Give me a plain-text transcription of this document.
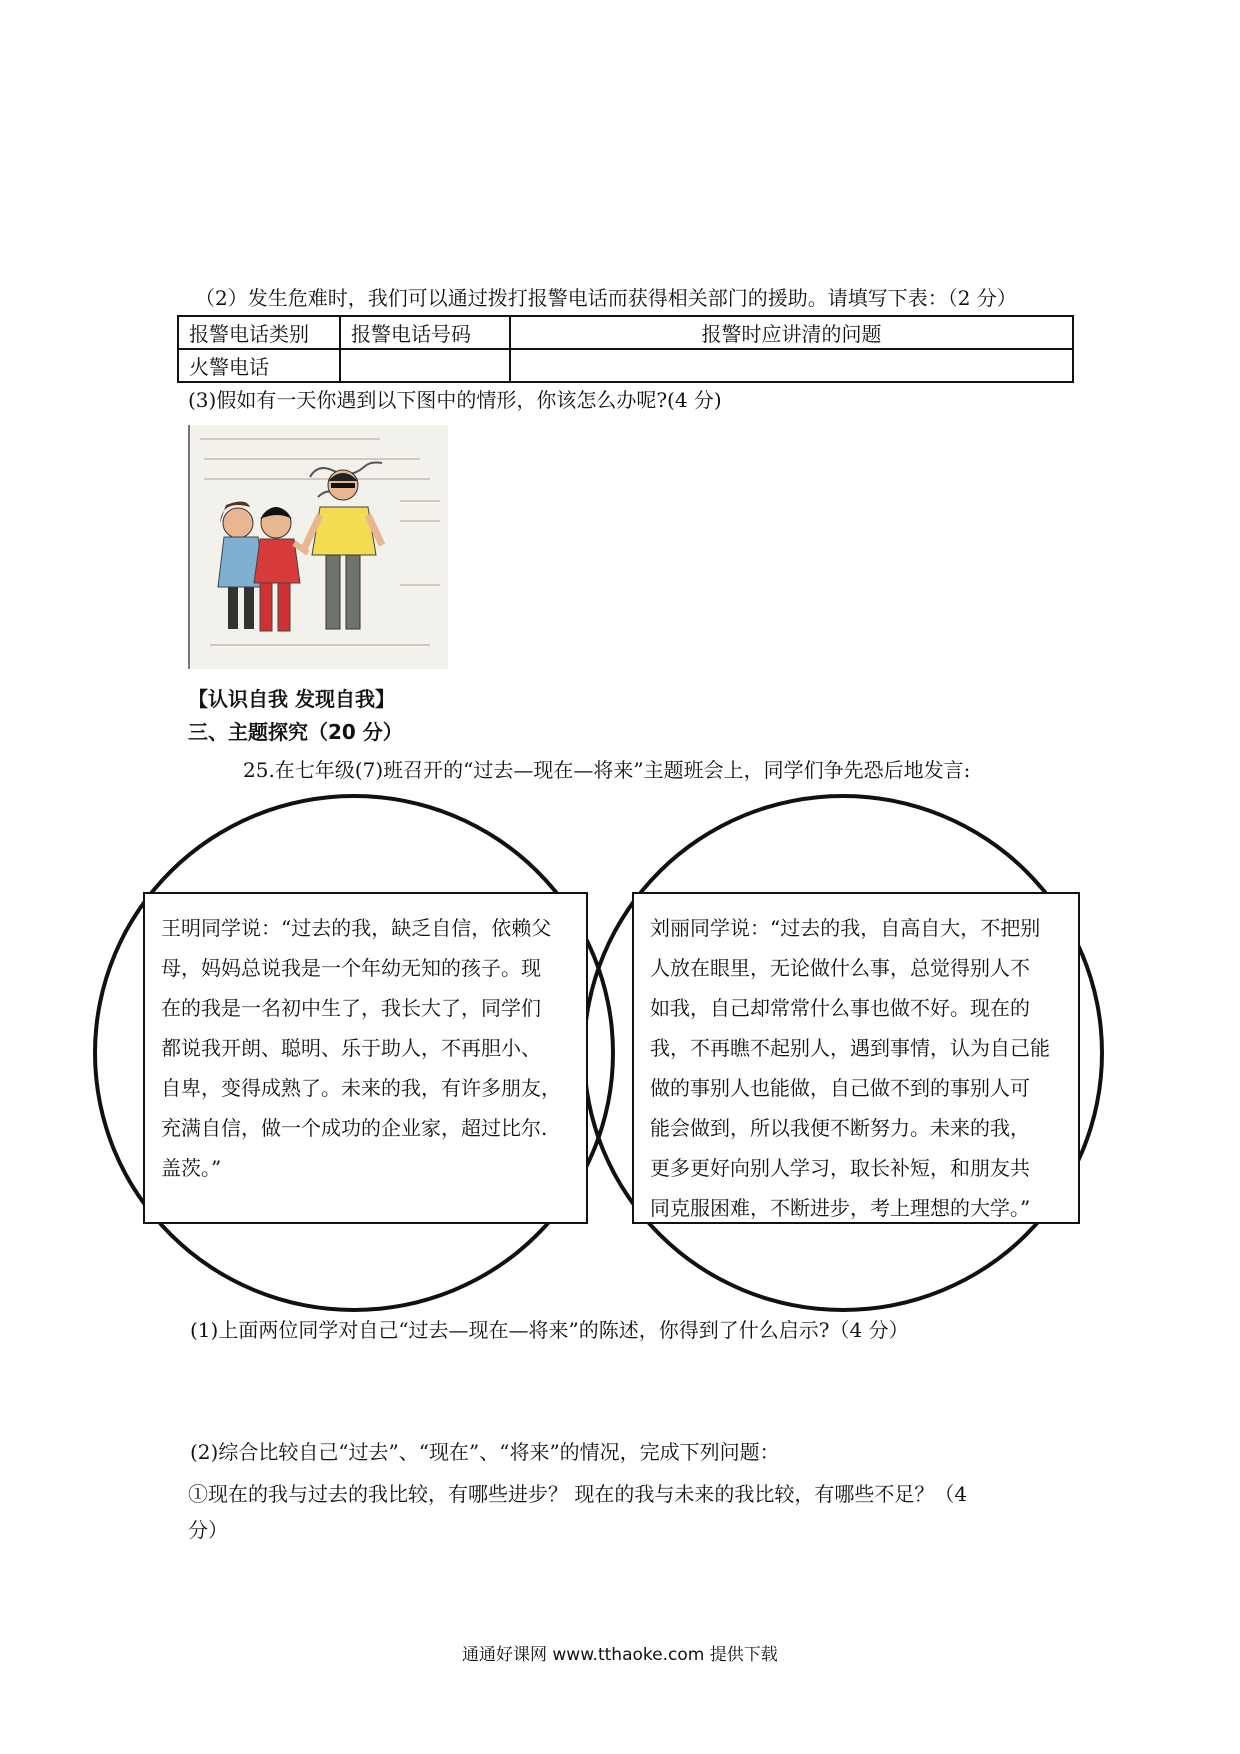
（2）发生危难时，我们可以通过拨打报警电话而获得相关部门的援助。请填写下表：（2 分）
报警电话类别	报警电话号码	报警时应讲清的问题
火警电话		
(3)假如有一天你遇到以下图中的情形，你该怎么办呢?(4 分)
【认识自我 发现自我】
三、主题探究（20 分）
25.在七年级(7)班召开的“过去—现在—将来”主题班会上，同学们争先恐后地发言:
王明同学说：“过去的我，缺乏自信，依赖父
母，妈妈总说我是一个年幼无知的孩子。现
在的我是一名初中生了，我长大了，同学们
都说我开朗、聪明、乐于助人，不再胆小、
自卑，变得成熟了。未来的我，有许多朋友，
充满自信，做一个成功的企业家，超过比尔.
盖茨。”
刘丽同学说：“过去的我，自高自大，不把别
人放在眼里，无论做什么事，总觉得别人不
如我，自己却常常什么事也做不好。现在的
我，不再瞧不起别人，遇到事情，认为自己能
做的事别人也能做，自己做不到的事别人可
能会做到，所以我便不断努力。未来的我，
更多更好向别人学习，取长补短，和朋友共
同克服困难，不断进步，考上理想的大学。”
(1)上面两位同学对自己“过去—现在—将来”的陈述，你得到了什么启示?（4 分）
(2)综合比较自己“过去”、“现在”、“将来”的情况，完成下列问题：
①现在的我与过去的我比较，有哪些进步？ 现在的我与未来的我比较，有哪些不足？（4
分）
通通好课网 www.tthaoke.com 提供下载
